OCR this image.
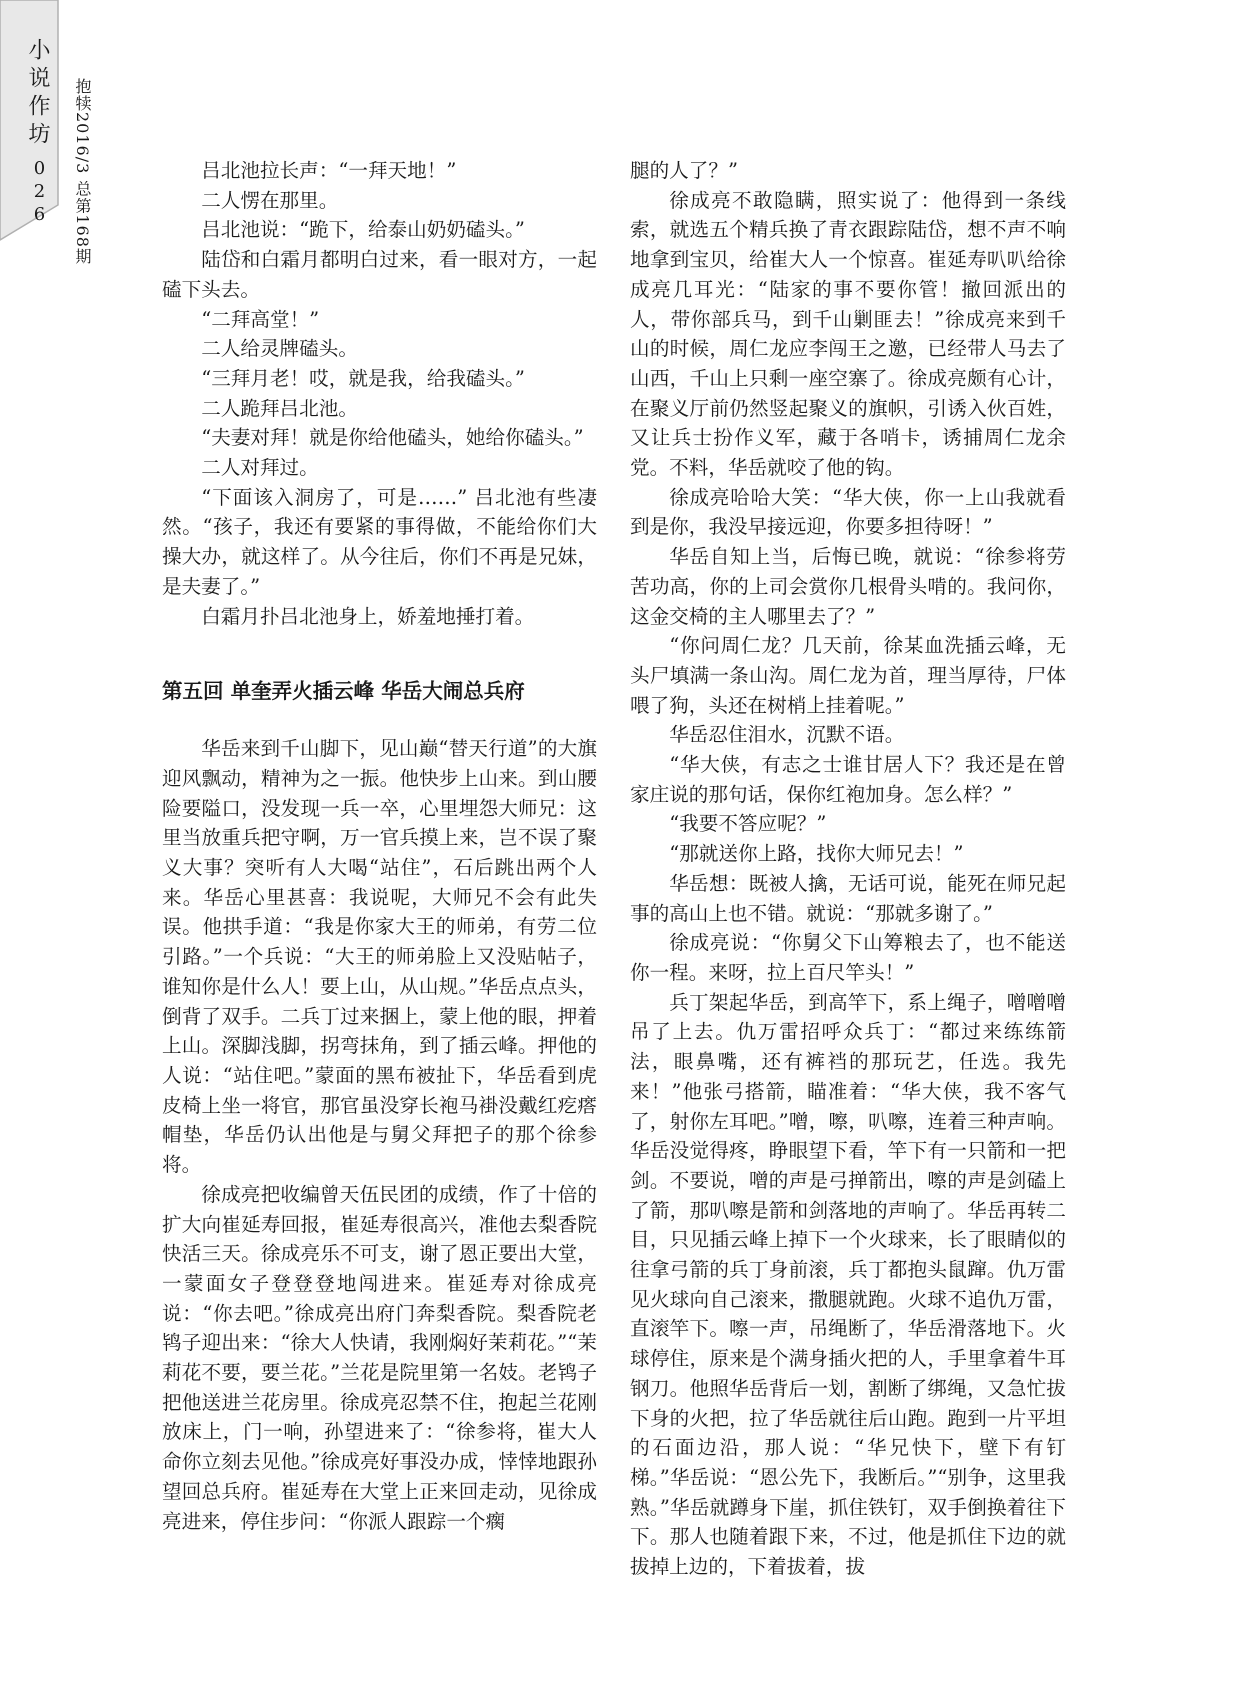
小说作坊
026 抱犊2016/3 总第168期	吕北池拉长声：“一拜天地！”

二人愣在那里。

吕北池说：“跪下，给泰山奶奶磕头。”

陆岱和白霜月都明白过来，看一眼对方，一起磕下头去。

“二拜高堂！”

二人给灵牌磕头。

“三拜月老！哎，就是我，给我磕头。”

二人跪拜吕北池。

“夫妻对拜！就是你给他磕头，她给你磕头。”

二人对拜过。

“下面该入洞房了，可是……” 吕北池有些凄然。“孩子，我还有要紧的事得做，不能给你们大操大办，就这样了。从今往后，你们不再是兄妹，是夫妻了。”

白霜月扑吕北池身上，娇羞地捶打着。

第五回 单奎弄火插云峰 华岳大闹总兵府

华岳来到千山脚下，见山巅“替天行道”的大旗迎风飘动，精神为之一振。他快步上山来。到山腰险要隘口，没发现一兵一卒，心里埋怨大师兄：这里当放重兵把守啊，万一官兵摸上来，岂不误了聚义大事？突听有人大喝“站住”，石后跳出两个人来。华岳心里甚喜：我说呢，大师兄不会有此失误。他拱手道：“我是你家大王的师弟，有劳二位引路。”一个兵说：“大王的师弟脸上又没贴帖子，谁知你是什么人！要上山，从山规。”华岳点点头，倒背了双手。二兵丁过来捆上，蒙上他的眼，押着上山。深脚浅脚，拐弯抹角，到了插云峰。押他的人说：“站住吧。”蒙面的黑布被扯下，华岳看到虎皮椅上坐一将官，那官虽没穿长袍马褂没戴红疙瘩帽垫，华岳仍认出他是与舅父拜把子的那个徐参将。

徐成亮把收编曾天伍民团的成绩，作了十倍的扩大向崔延寿回报，崔延寿很高兴，准他去梨香院快活三天。徐成亮乐不可支，谢了恩正要出大堂，一蒙面女子登登登地闯进来。崔延寿对徐成亮说：“你去吧。”徐成亮出府门奔梨香院。梨香院老鸨子迎出来：“徐大人快请，我刚焖好茉莉花。”“茉莉花不要，要兰花。”兰花是院里第一名妓。老鸨子把他送进兰花房里。徐成亮忍禁不住，抱起兰花刚放床上，门一响，孙望进来了：“徐参将，崔大人命你立刻去见他。”徐成亮好事没办成，悻悻地跟孙望回总兵府。崔延寿在大堂上正来回走动，见徐成亮进来，停住步问：“你派人跟踪一个瘸

腿的人了？”

徐成亮不敢隐瞒，照实说了：他得到一条线索，就选五个精兵换了青衣跟踪陆岱，想不声不响地拿到宝贝，给崔大人一个惊喜。崔延寿叭叭给徐成亮几耳光：“陆家的事不要你管！撤回派出的人，带你部兵马，到千山剿匪去！”徐成亮来到千山的时候，周仁龙应李闯王之邀，已经带人马去了山西，千山上只剩一座空寨了。徐成亮颇有心计，在聚义厅前仍然竖起聚义的旗帜，引诱入伙百姓，又让兵士扮作义军，藏于各哨卡，诱捕周仁龙余党。不料，华岳就咬了他的钩。

徐成亮哈哈大笑：“华大侠，你一上山我就看到是你，我没早接远迎，你要多担待呀！”

华岳自知上当，后悔已晚，就说：“徐参将劳苦功高，你的上司会赏你几根骨头啃的。我问你，这金交椅的主人哪里去了？”

“你问周仁龙？几天前，徐某血洗插云峰，无头尸填满一条山沟。周仁龙为首，理当厚待，尸体喂了狗，头还在树梢上挂着呢。”

华岳忍住泪水，沉默不语。

“华大侠，有志之士谁甘居人下？我还是在曾家庄说的那句话，保你红袍加身。怎么样？”

“我要不答应呢？”

“那就送你上路，找你大师兄去！”

华岳想：既被人擒，无话可说，能死在师兄起事的高山上也不错。就说：“那就多谢了。”

徐成亮说：“你舅父下山筹粮去了，也不能送你一程。来呀，拉上百尺竿头！”

兵丁架起华岳，到高竿下，系上绳子，噌噌噌吊了上去。仇万雷招呼众兵丁：“都过来练练箭法，眼鼻嘴，还有裤裆的那玩艺，任选。我先来！”他张弓搭箭，瞄准着：“华大侠，我不客气了，射你左耳吧。”噌，嚓，叭嚓，连着三种声响。华岳没觉得疼，睁眼望下看，竿下有一只箭和一把剑。不要说，噌的声是弓掸箭出，嚓的声是剑磕上了箭，那叭嚓是箭和剑落地的声响了。华岳再转二目，只见插云峰上掉下一个火球来，长了眼睛似的往拿弓箭的兵丁身前滚，兵丁都抱头鼠蹿。仇万雷见火球向自己滚来，撒腿就跑。火球不追仇万雷，直滚竿下。嚓一声，吊绳断了，华岳滑落地下。火球停住，原来是个满身插火把的人，手里拿着牛耳钢刀。他照华岳背后一划，割断了绑绳，又急忙拔下身的火把，拉了华岳就往后山跑。跑到一片平坦的石面边沿，那人说：“华兄快下，壁下有钉梯。”华岳说：“恩公先下，我断后。”“别争，这里我熟。”华岳就蹲身下崖，抓住铁钉，双手倒换着往下下。那人也随着跟下来，不过，他是抓住下边的就拔掉上边的，下着拔着，拔
